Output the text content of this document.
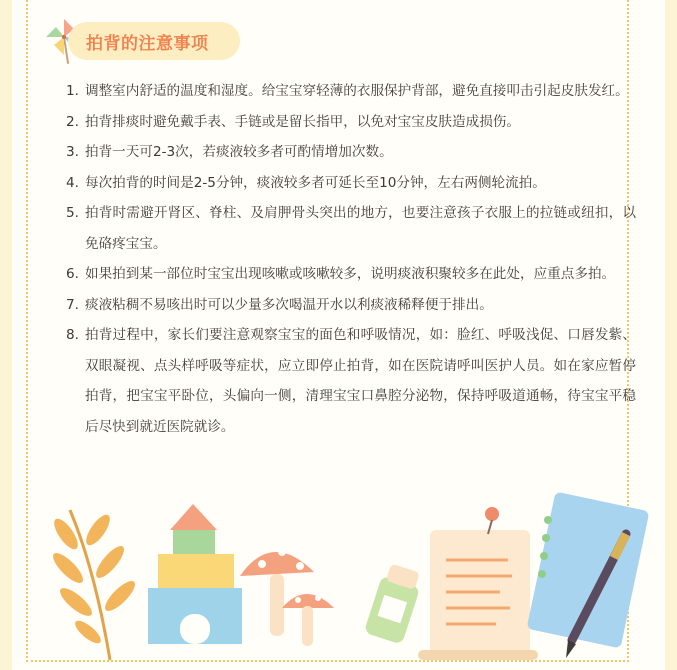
拍背的注意事项
1. 调整室内舒适的温度和湿度。给宝宝穿轻薄的衣服保护背部，避免直接叩击引起皮肤发红。
2. 拍背排痰时避免戴手表、手链或是留长指甲，以免对宝宝皮肤造成损伤。
3. 拍背一天可2-3次，若痰液较多者可酌情增加次数。
4. 每次拍背的时间是2-5分钟，痰液较多者可延长至10分钟，左右两侧轮流拍。
5. 拍背时需避开肾区、脊柱、及肩胛骨头突出的地方，也要注意孩子衣服上的拉链或纽扣，以免硌疼宝宝。
6. 如果拍到某一部位时宝宝出现咳嗽或咳嗽较多，说明痰液积聚较多在此处，应重点多拍。
7. 痰液粘稠不易咳出时可以少量多次喝温开水以利痰液稀释便于排出。
8. 拍背过程中，家长们要注意观察宝宝的面色和呼吸情况，如：脸红、呼吸浅促、口唇发紫、双眼凝视、点头样呼吸等症状，应立即停止拍背，如在医院请呼叫医护人员。如在家应暂停拍背，把宝宝平卧位，头偏向一侧，清理宝宝口鼻腔分泌物，保持呼吸道通畅，待宝宝平稳后尽快到就近医院就诊。
